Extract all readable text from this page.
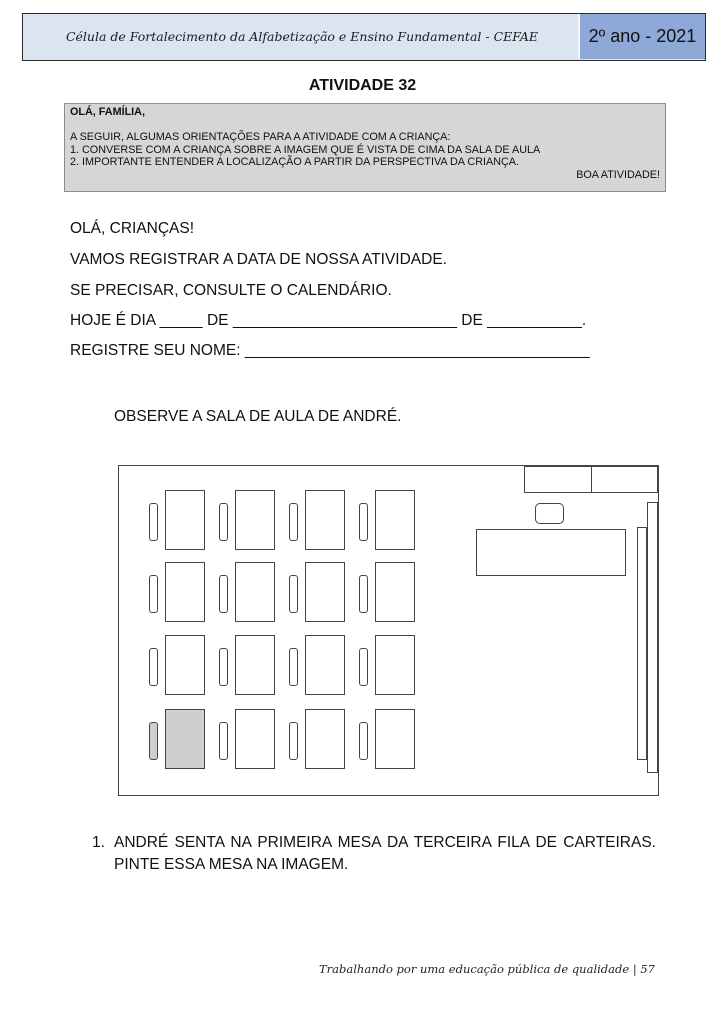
Célula de Fortalecimento da Alfabetização e Ensino Fundamental - CEFAE	2º ano - 2021
ATIVIDADE 32
OLÁ, FAMÍLIA,
A SEGUIR, ALGUMAS ORIENTAÇÕES PARA A ATIVIDADE COM A CRIANÇA:
1. CONVERSE COM A CRIANÇA SOBRE A IMAGEM QUE É VISTA DE CIMA DA SALA DE AULA
2. IMPORTANTE ENTENDER A LOCALIZAÇÃO A PARTIR DA PERSPECTIVA DA CRIANÇA.
BOA ATIVIDADE!
OLÁ, CRIANÇAS!
VAMOS REGISTRAR A DATA DE NOSSA ATIVIDADE.
SE PRECISAR, CONSULTE O CALENDÁRIO.
HOJE É DIA _____ DE __________________________ DE ___________.
REGISTRE SEU NOME: ________________________________________
OBSERVE A SALA DE AULA DE ANDRÉ.
1. ANDRÉ SENTA NA PRIMEIRA MESA DA TERCEIRA FILA DE CARTEIRAS. PINTE ESSA MESA NA IMAGEM.
Trabalhando por uma educação pública de qualidade | 57
